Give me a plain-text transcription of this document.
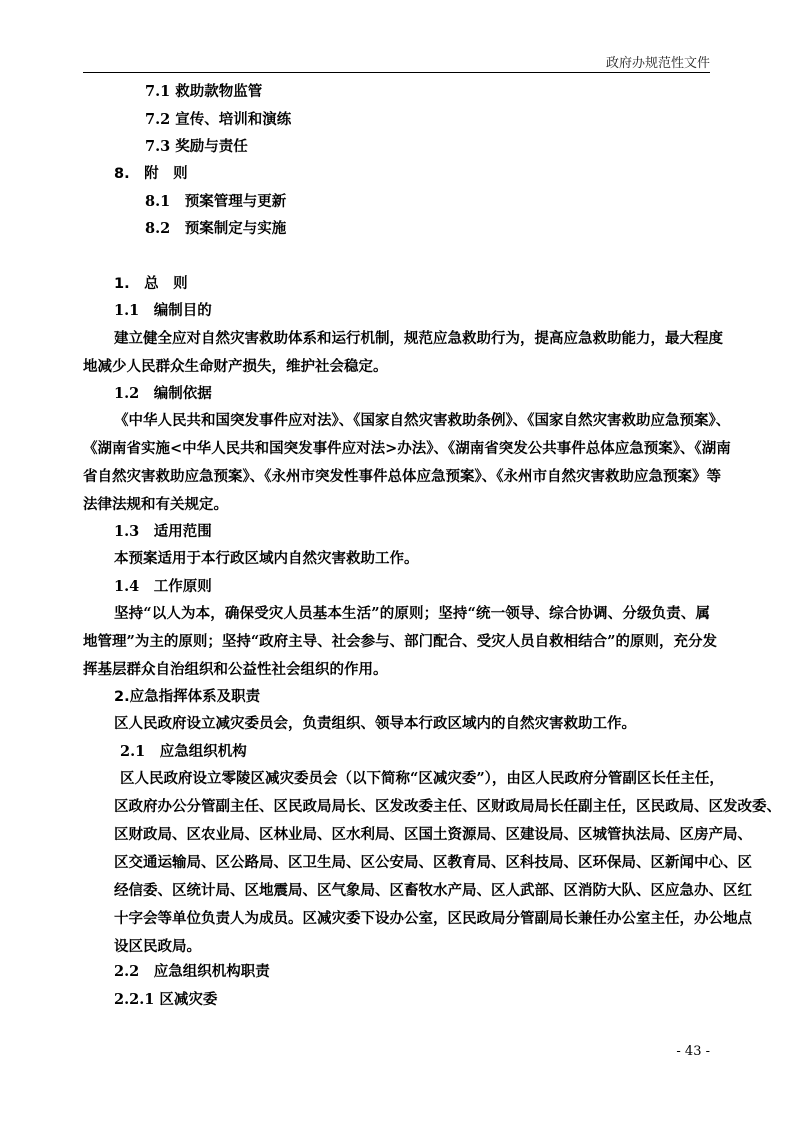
政府办规范性文件
7.1 救助款物监管
7.2 宣传、培训和演练
7.3 奖励与责任
8.　附　则
8.1　预案管理与更新
8.2　预案制定与实施
1.　总　则
1.1　编制目的
建立健全应对自然灾害救助体系和运行机制，规范应急救助行为，提高应急救助能力，最大程度
地减少人民群众生命财产损失，维护社会稳定。
1.2　编制依据
《中华人民共和国突发事件应对法》、《国家自然灾害救助条例》、《国家自然灾害救助应急预案》、
《湖南省实施<中华人民共和国突发事件应对法>办法》、《湖南省突发公共事件总体应急预案》、《湖南
省自然灾害救助应急预案》、《永州市突发性事件总体应急预案》、《永州市自然灾害救助应急预案》等
法律法规和有关规定。
1.3　适用范围
本预案适用于本行政区域内自然灾害救助工作。
1.4　工作原则
坚持“以人为本，确保受灾人员基本生活”的原则；坚持“统一领导、综合协调、分级负责、属
地管理”为主的原则；坚持“政府主导、社会参与、部门配合、受灾人员自救相结合”的原则，充分发
挥基层群众自治组织和公益性社会组织的作用。
2.应急指挥体系及职责
区人民政府设立减灾委员会，负责组织、领导本行政区域内的自然灾害救助工作。
2.1　应急组织机构
区人民政府设立零陵区减灾委员会（以下简称“区减灾委”），由区人民政府分管副区长任主任，
区政府办公分管副主任、区民政局局长、区发改委主任、区财政局局长任副主任，区民政局、区发改委、
区财政局、区农业局、区林业局、区水利局、区国土资源局、区建设局、区城管执法局、区房产局、
区交通运输局、区公路局、区卫生局、区公安局、区教育局、区科技局、区环保局、区新闻中心、区
经信委、区统计局、区地震局、区气象局、区畜牧水产局、区人武部、区消防大队、区应急办、区红
十字会等单位负责人为成员。区减灾委下设办公室，区民政局分管副局长兼任办公室主任，办公地点
设区民政局。
2.2　应急组织机构职责
2.2.1 区减灾委
- 43 -
